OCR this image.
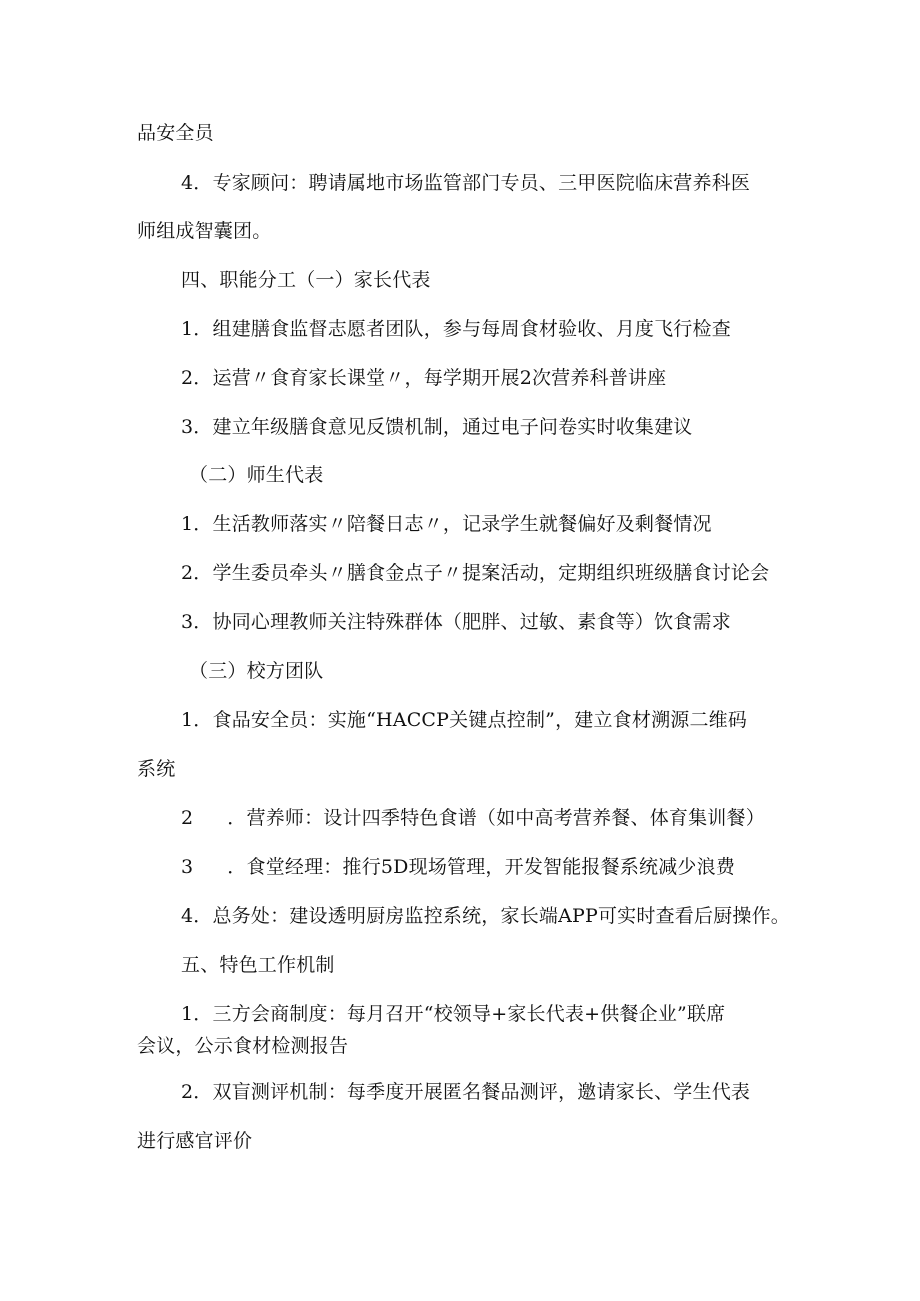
品安全员
4．专家顾问：聘请属地市场监管部门专员、三甲医院临床营养科医
师组成智囊团。
四、职能分工（一）家长代表
1．组建膳食监督志愿者团队，参与每周食材验收、月度飞行检查
2．运营〃食育家长课堂〃，每学期开展2次营养科普讲座
3．建立年级膳食意见反馈机制，通过电子问卷实时收集建议
（二）师生代表
1．生活教师落实〃陪餐日志〃，记录学生就餐偏好及剩餐情况
2．学生委员牵头〃膳食金点子〃提案活动，定期组织班级膳食讨论会
3．协同心理教师关注特殊群体（肥胖、过敏、素食等）饮食需求
（三）校方团队
1．食品安全员：实施“HACCP关键点控制”，建立食材溯源二维码
系统
2 ．营养师：设计四季特色食谱（如中高考营养餐、体育集训餐）
3 ．食堂经理：推行5D现场管理，开发智能报餐系统减少浪费
4．总务处：建设透明厨房监控系统，家长端APP可实时查看后厨操作。
五、特色工作机制
1．三方会商制度：每月召开“校领导+家长代表+供餐企业”联席
会议，公示食材检测报告
2．双盲测评机制：每季度开展匿名餐品测评，邀请家长、学生代表
进行感官评价
